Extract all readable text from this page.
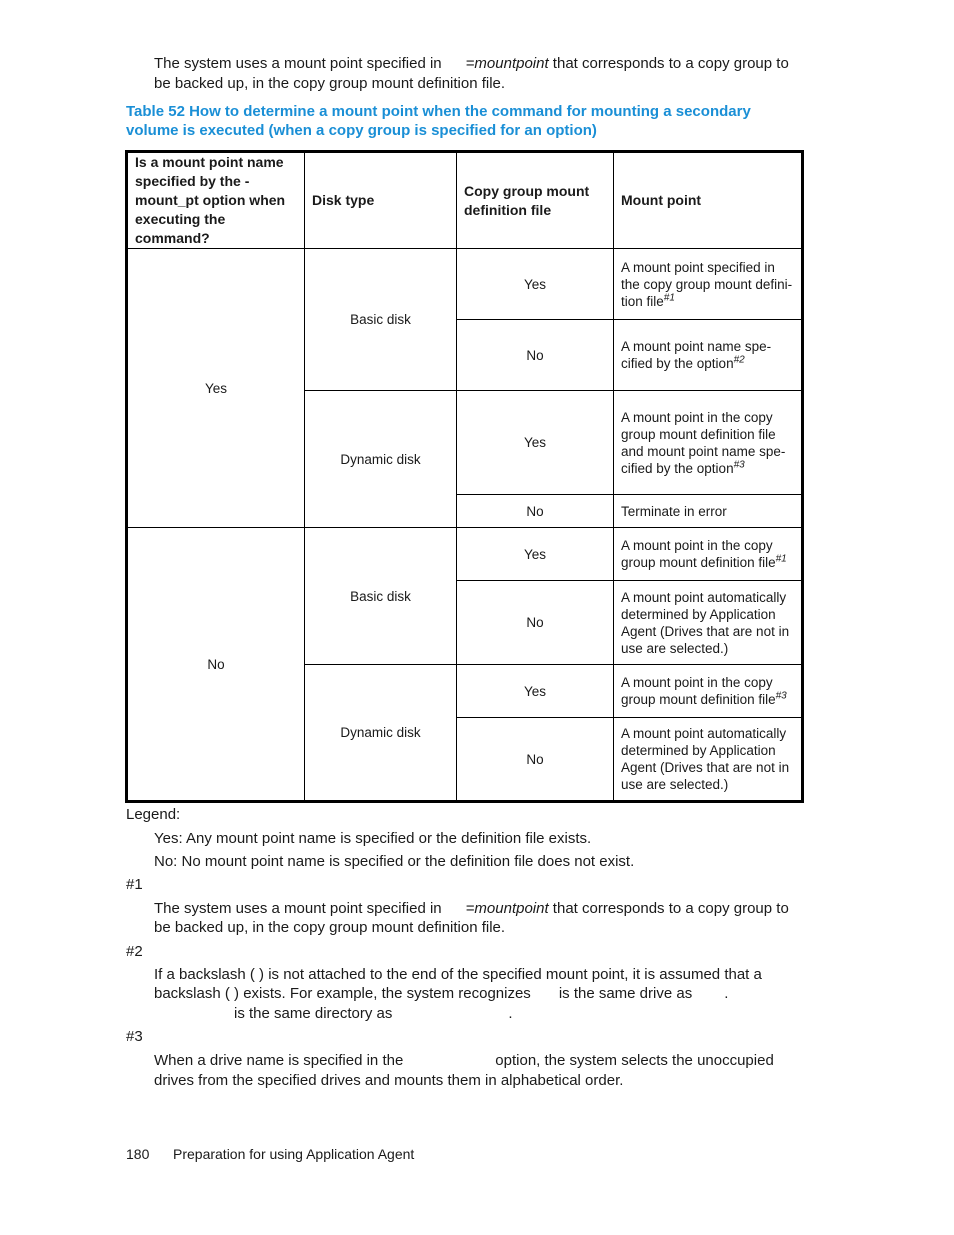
The system uses a mount point specified in =mountpoint that corresponds to a copy group to
be backed up, in the copy group mount definition file.
Table 52 How to determine a mount point when the command for mounting a secondary volume is executed (when a copy group is specified for an option)
Is a mount point name specified by the -mount_pt option when executing the command?	Disk type	Copy group mount definition file	Mount point
Yes	Basic disk	Yes	A mount point specified in the copy group mount defini-tion file$^{\#1}$
		No	A mount point name spe-cified by the option$^{\#2}$
	Dynamic disk	Yes	A mount point in the copy group mount definition file and mount point name spe-cified by the option$^{\#3}$
		No	Terminate in error
No	Basic disk	Yes	A mount point in the copy group mount definition file$^{\#1}$
		No	A mount point automatically determined by Application Agent (Drives that are not in use are selected.)
	Dynamic disk	Yes	A mount point in the copy group mount definition file$^{\#3}$
		No	A mount point automatically determined by Application Agent (Drives that are not in use are selected.)
Legend:
Yes: Any mount point name is specified or the definition file exists.
No: No mount point name is specified or the definition file does not exist.
#1
The system uses a mount point specified in =mountpoint that corresponds to a copy group to
be backed up, in the copy group mount definition file.
#2
If a backslash ( ) is not attached to the end of the specified mount point, it is assumed that a
backslash ( ) exists. For example, the system recognizes is the same drive as .
is the same directory as	.
#3
When a drive name is specified in the	option, the system selects the unoccupied
drives from the specified drives and mounts them in alphabetical order.
180 Preparation for using Application Agent
